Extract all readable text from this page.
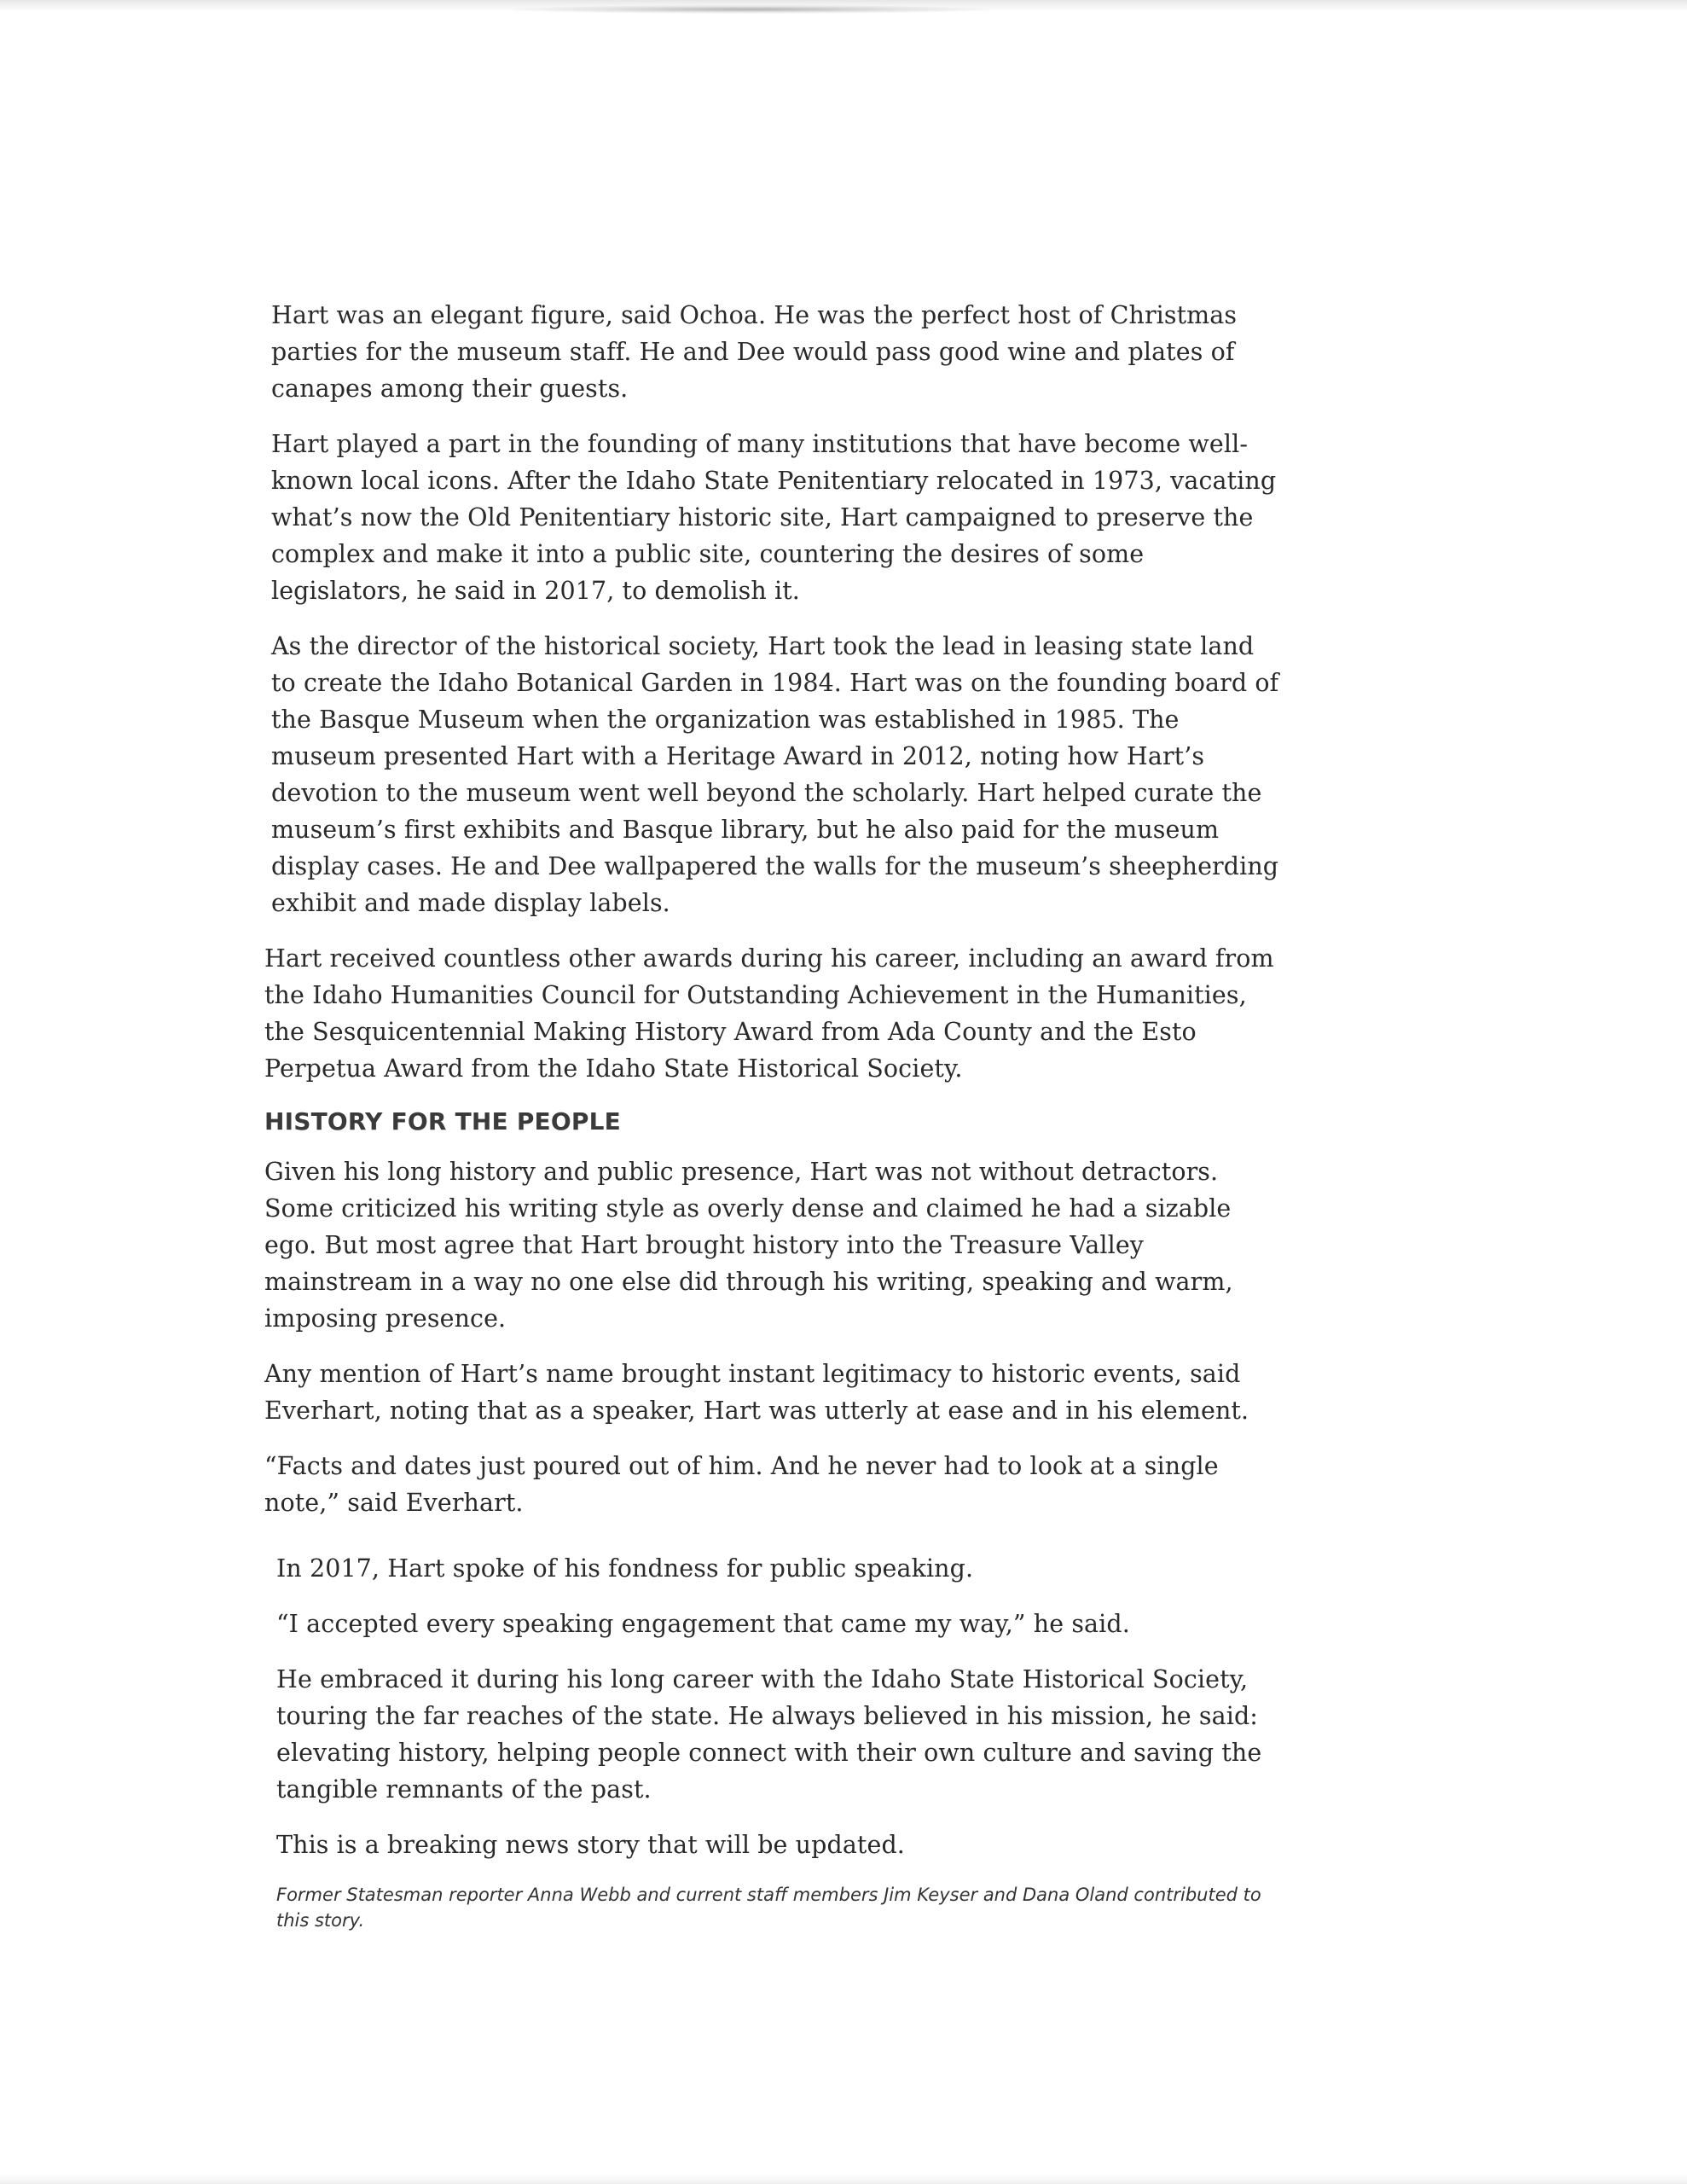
Hart was an elegant figure, said Ochoa. He was the perfect host of Christmas parties for the museum staff. He and Dee would pass good wine and plates of canapes among their guests.

Hart played a part in the founding of many institutions that have become well-known local icons. After the Idaho State Penitentiary relocated in 1973, vacating what’s now the Old Penitentiary historic site, Hart campaigned to preserve the complex and make it into a public site, countering the desires of some legislators, he said in 2017, to demolish it.

As the director of the historical society, Hart took the lead in leasing state land to create the Idaho Botanical Garden in 1984. Hart was on the founding board of the Basque Museum when the organization was established in 1985. The museum presented Hart with a Heritage Award in 2012, noting how Hart’s devotion to the museum went well beyond the scholarly. Hart helped curate the museum’s first exhibits and Basque library, but he also paid for the museum display cases. He and Dee wallpapered the walls for the museum’s sheepherding exhibit and made display labels.

Hart received countless other awards during his career, including an award from the Idaho Humanities Council for Outstanding Achievement in the Humanities, the Sesquicentennial Making History Award from Ada County and the Esto Perpetua Award from the Idaho State Historical Society.

HISTORY FOR THE PEOPLE

Given his long history and public presence, Hart was not without detractors. Some criticized his writing style as overly dense and claimed he had a sizable ego. But most agree that Hart brought history into the Treasure Valley mainstream in a way no one else did through his writing, speaking and warm, imposing presence.

Any mention of Hart’s name brought instant legitimacy to historic events, said Everhart, noting that as a speaker, Hart was utterly at ease and in his element.

“Facts and dates just poured out of him. And he never had to look at a single note,” said Everhart.

In 2017, Hart spoke of his fondness for public speaking.

“I accepted every speaking engagement that came my way,” he said.

He embraced it during his long career with the Idaho State Historical Society, touring the far reaches of the state. He always believed in his mission, he said: elevating history, helping people connect with their own culture and saving the tangible remnants of the past.

This is a breaking news story that will be updated.

Former Statesman reporter Anna Webb and current staff members Jim Keyser and Dana Oland contributed to this story.
